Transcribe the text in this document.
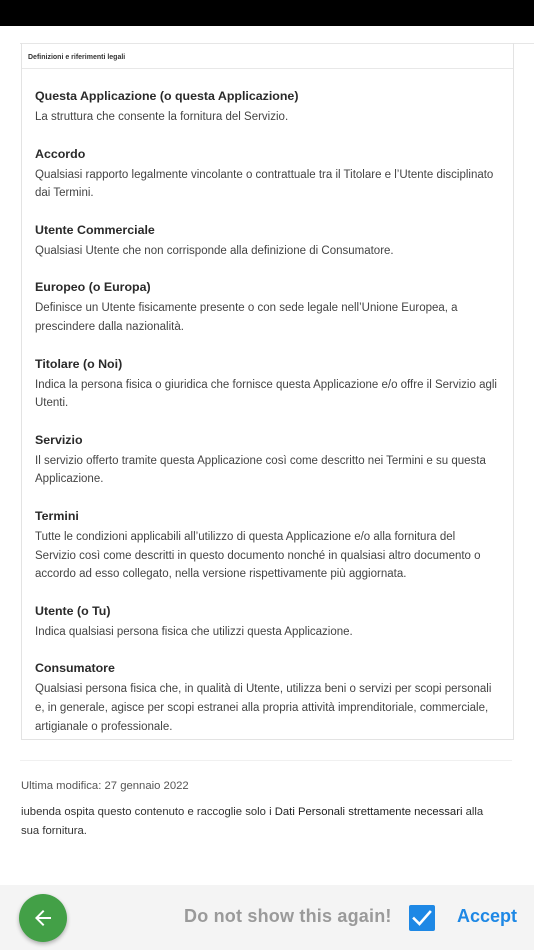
Definizioni e riferimenti legali
Questa Applicazione (o questa Applicazione)
La struttura che consente la fornitura del Servizio.
Accordo
Qualsiasi rapporto legalmente vincolante o contrattuale tra il Titolare e l’Utente disciplinato dai Termini.
Utente Commerciale
Qualsiasi Utente che non corrisponde alla definizione di Consumatore.
Europeo (o Europa)
Definisce un Utente fisicamente presente o con sede legale nell’Unione Europea, a prescindere dalla nazionalità.
Titolare (o Noi)
Indica la persona fisica o giuridica che fornisce questa Applicazione e/o offre il Servizio agli Utenti.
Servizio
Il servizio offerto tramite questa Applicazione così come descritto nei Termini e su questa Applicazione.
Termini
Tutte le condizioni applicabili all’utilizzo di questa Applicazione e/o alla fornitura del Servizio così come descritti in questo documento nonché in qualsiasi altro documento o accordo ad esso collegato, nella versione rispettivamente più aggiornata.
Utente (o Tu)
Indica qualsiasi persona fisica che utilizzi questa Applicazione.
Consumatore
Qualsiasi persona fisica che, in qualità di Utente, utilizza beni o servizi per scopi personali e, in generale, agisce per scopi estranei alla propria attività imprenditoriale, commerciale, artigianale o professionale.
Ultima modifica: 27 gennaio 2022
iubenda ospita questo contenuto e raccoglie solo i Dati Personali strettamente necessari alla sua fornitura.
Do not show this again!	Accept
